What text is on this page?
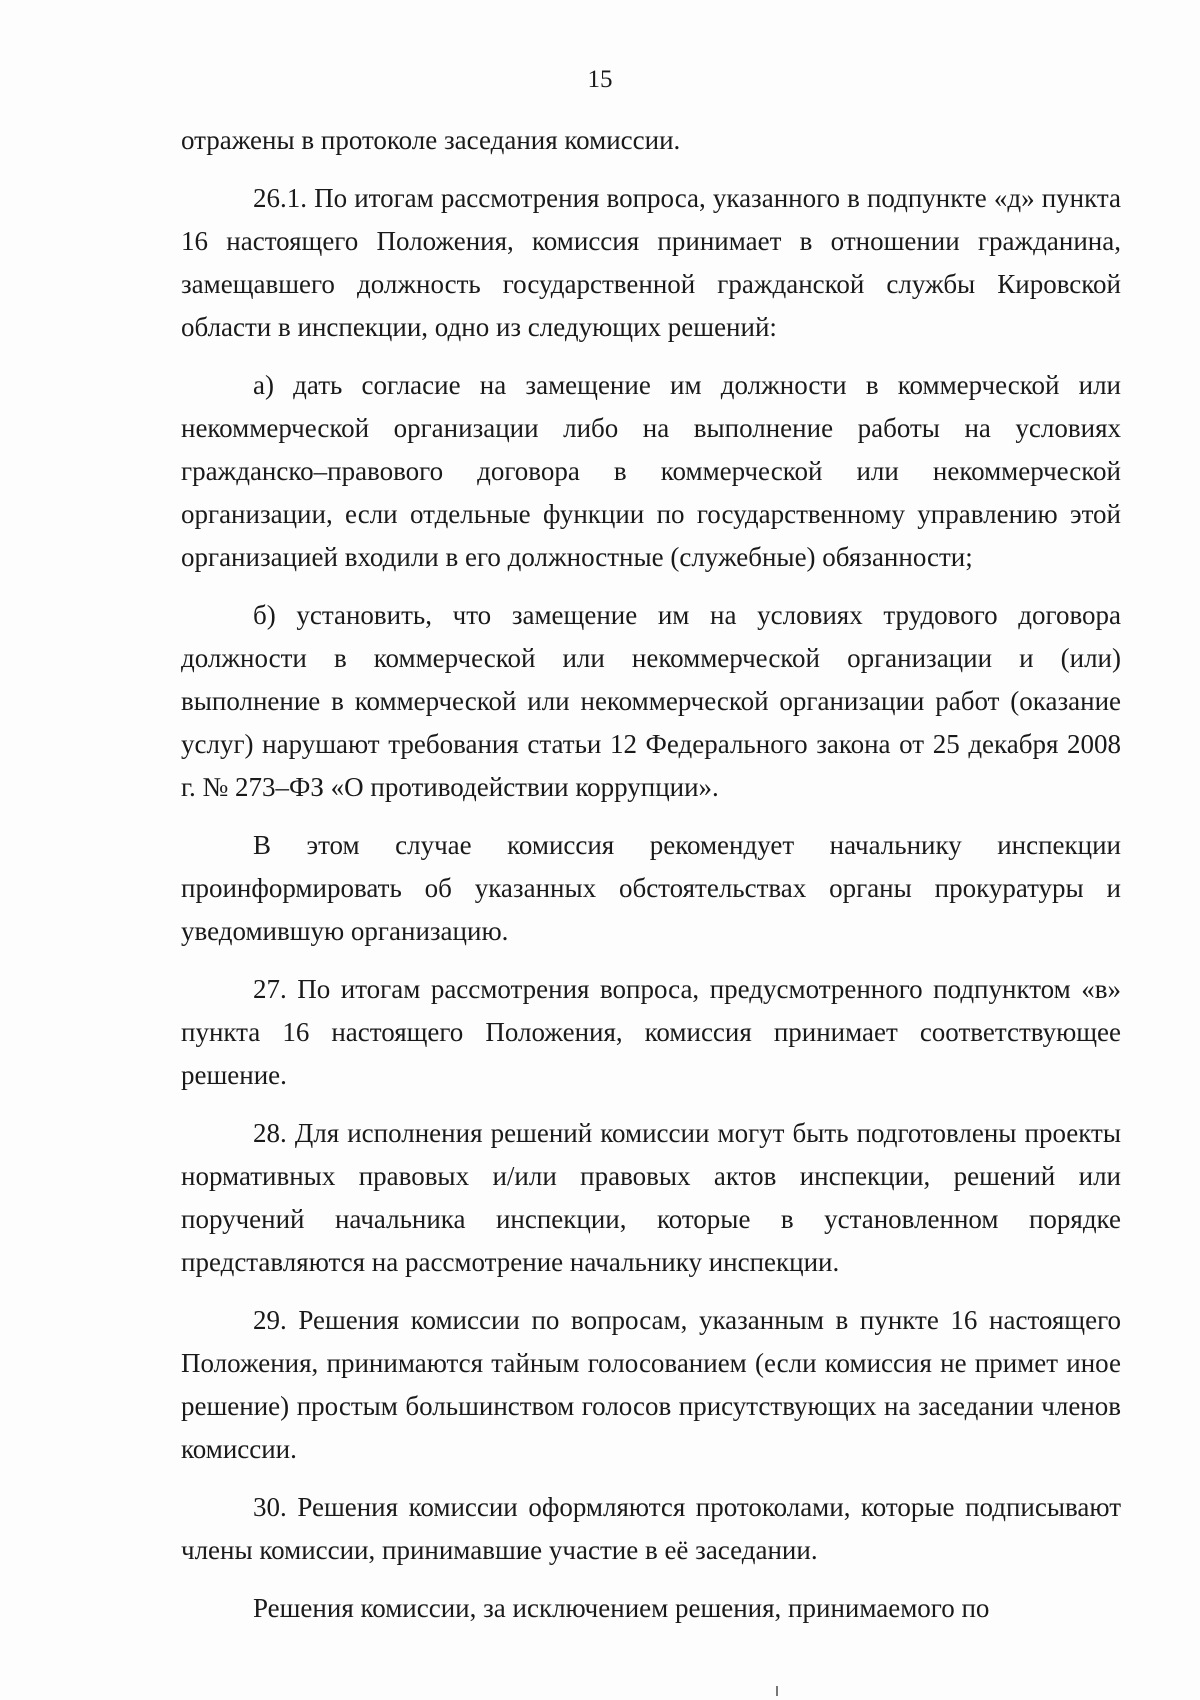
15

отражены в протоколе заседания комиссии.

26.1. По итогам рассмотрения вопроса, указанного в подпункте «д» пункта 16 настоящего Положения, комиссия принимает в отношении гражданина, замещавшего должность государственной гражданской службы Кировской области в инспекции, одно из следующих решений:

а) дать согласие на замещение им должности в коммерческой или некоммерческой организации либо на выполнение работы на условиях гражданско–правового договора в коммерческой или некоммерческой организации, если отдельные функции по государственному управлению этой организацией входили в его должностные (служебные) обязанности;

б) установить, что замещение им на условиях трудового договора должности в коммерческой или некоммерческой организации и (или) выполнение в коммерческой или некоммерческой организации работ (оказание услуг) нарушают требования статьи 12 Федерального закона от 25 декабря 2008 г. № 273–ФЗ «О противодействии коррупции».

В этом случае комиссия рекомендует начальнику инспекции проинформировать об указанных обстоятельствах органы прокуратуры и уведомившую организацию.

27. По итогам рассмотрения вопроса, предусмотренного подпунктом «в» пункта 16 настоящего Положения, комиссия принимает соответствующее решение.

28. Для исполнения решений комиссии могут быть подготовлены проекты нормативных правовых и/или правовых актов инспекции, решений или поручений начальника инспекции, которые в установленном порядке представляются на рассмотрение начальнику инспекции.

29. Решения комиссии по вопросам, указанным в пункте 16 настоящего Положения, принимаются тайным голосованием (если комиссия не примет иное решение) простым большинством голосов присутствующих на заседании членов комиссии.

30. Решения комиссии оформляются протоколами, которые подписывают члены комиссии, принимавшие участие в её заседании.

Решения комиссии, за исключением решения, принимаемого по
